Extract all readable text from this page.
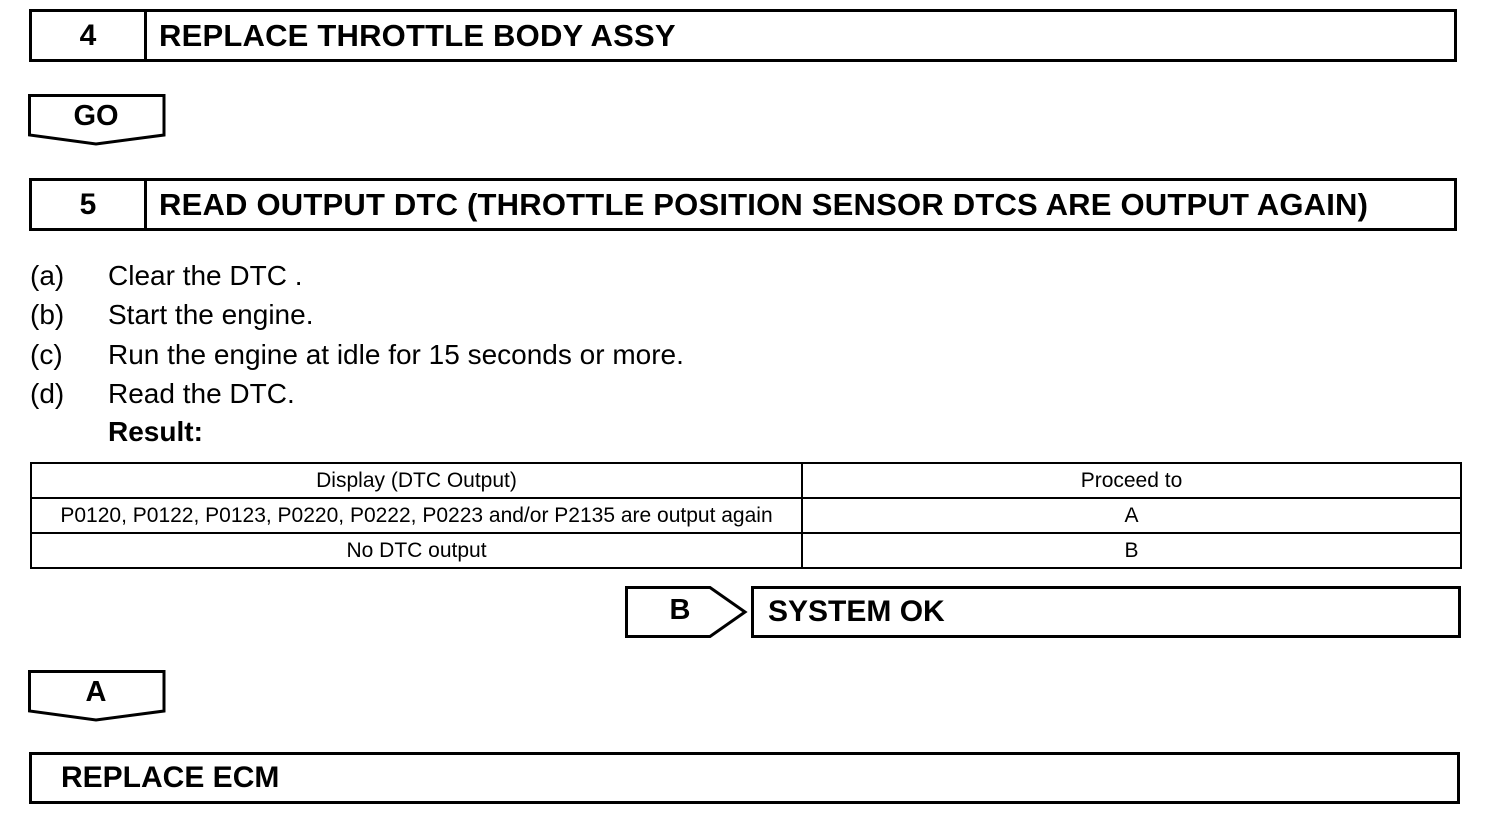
4	REPLACE THROTTLE BODY ASSY
GO
5	READ OUTPUT DTC (THROTTLE POSITION SENSOR DTCS ARE OUTPUT AGAIN)
(a)	Clear the DTC .
(b)	Start the engine.
(c)	Run the engine at idle for 15 seconds or more.
(d)	Read the DTC.
Result:
Display (DTC Output)	Proceed to
P0120, P0122, P0123, P0220, P0222, P0223 and/or P2135 are output again	A
No DTC output	B
B	SYSTEM OK
A
REPLACE ECM
